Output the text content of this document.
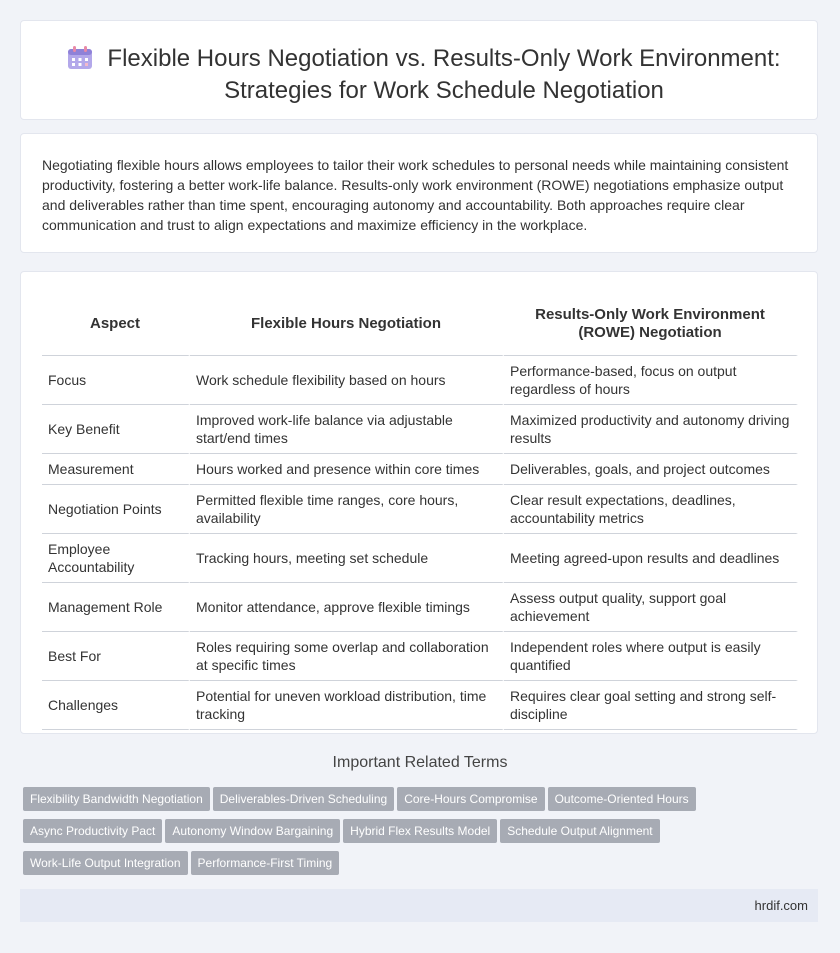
Flexible Hours Negotiation vs. Results-Only Work Environment: Strategies for Work Schedule Negotiation
Negotiating flexible hours allows employees to tailor their work schedules to personal needs while maintaining consistent productivity, fostering a better work-life balance. Results-only work environment (ROWE) negotiations emphasize output and deliverables rather than time spent, encouraging autonomy and accountability. Both approaches require clear communication and trust to align expectations and maximize efficiency in the workplace.
Aspect	Flexible Hours Negotiation	Results-Only Work Environment (ROWE) Negotiation
Focus	Work schedule flexibility based on hours	Performance-based, focus on output regardless of hours
Key Benefit	Improved work-life balance via adjustable start/end times	Maximized productivity and autonomy driving results
Measurement	Hours worked and presence within core times	Deliverables, goals, and project outcomes
Negotiation Points	Permitted flexible time ranges, core hours, availability	Clear result expectations, deadlines, accountability metrics
Employee Accountability	Tracking hours, meeting set schedule	Meeting agreed-upon results and deadlines
Management Role	Monitor attendance, approve flexible timings	Assess output quality, support goal achievement
Best For	Roles requiring some overlap and collaboration at specific times	Independent roles where output is easily quantified
Challenges	Potential for uneven workload distribution, time tracking	Requires clear goal setting and strong self-discipline
Important Related Terms
Flexibility Bandwidth Negotiation Deliverables-Driven Scheduling Core-Hours Compromise Outcome-Oriented HoursAsync Productivity Pact Autonomy Window Bargaining Hybrid Flex Results Model Schedule Output AlignmentWork-Life Output Integration Performance-First Timing
hrdif.com
